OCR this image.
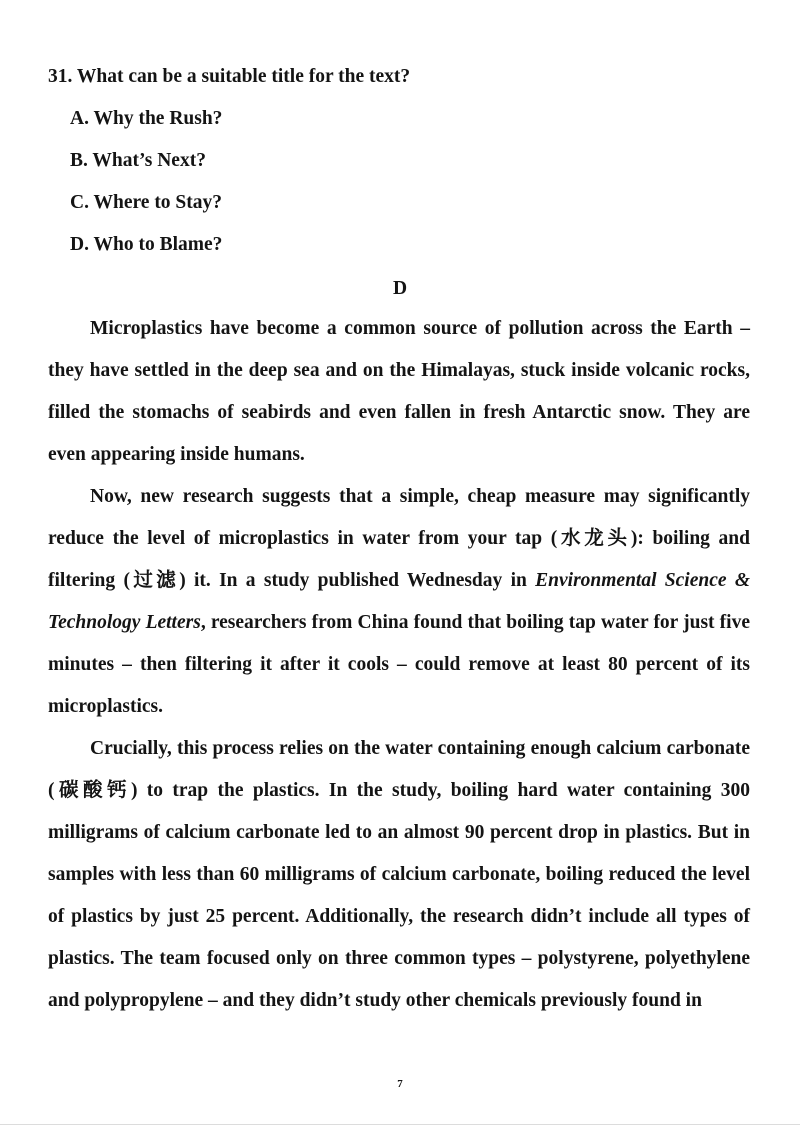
31. What can be a suitable title for the text?
A. Why the Rush?
B. What’s Next?
C. Where to Stay?
D. Who to Blame?
D

Microplastics have become a common source of pollution across the Earth – they have settled in the deep sea and on the Himalayas, stuck inside volcanic rocks, filled the stomachs of seabirds and even fallen in fresh Antarctic snow. They are even appearing inside humans.

Now, new research suggests that a simple, cheap measure may significantly reduce the level of microplastics in water from your tap (水龙头): boiling and filtering (过滤) it. In a study published Wednesday in Environmental Science & Technology Letters, researchers from China found that boiling tap water for just five minutes – then filtering it after it cools – could remove at least 80 percent of its microplastics.

Crucially, this process relies on the water containing enough calcium carbonate (碳酸钙) to trap the plastics. In the study, boiling hard water containing 300 milligrams of calcium carbonate led to an almost 90 percent drop in plastics. But in samples with less than 60 milligrams of calcium carbonate, boiling reduced the level of plastics by just 25 percent. Additionally, the research didn’t include all types of plastics. The team focused only on three common types – polystyrene, polyethylene and polypropylene – and they didn’t study other chemicals previously found in

7
